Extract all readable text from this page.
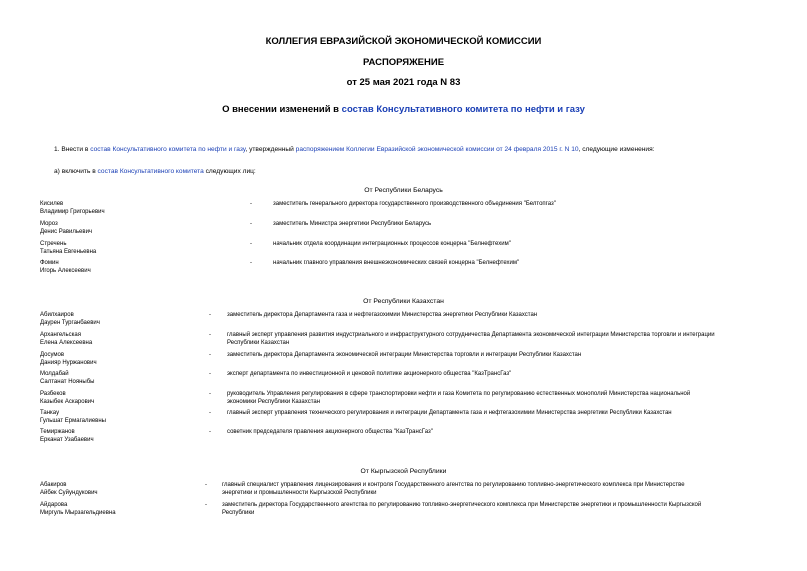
КОЛЛЕГИЯ ЕВРАЗИЙСКОЙ ЭКОНОМИЧЕСКОЙ КОМИССИИ
РАСПОРЯЖЕНИЕ
от 25 мая 2021 года N 83
О внесении изменений в состав Консультативного комитета по нефти и газу
1. Внести в состав Консультативного комитета по нефти и газу, утвержденный распоряжением Коллегии Евразийской экономической комиссии от 24 февраля 2015 г. N 10, следующие изменения:
а) включить в состав Консультативного комитета следующих лиц:
От Республики Беларусь
Кисилев
Владимир Григорьевич
-	заместитель генерального директора государственного производственного объединения "Белтопгаз"
Мороз
Денис Равильевич
-	заместитель Министра энергетики Республики Беларусь
Стречень
Татьяна Евгеньевна
-	начальник отдела координации интеграционных процессов концерна "Белнефтехим"
Фомин
Игорь Алексеевич
-	начальник главного управления внешнеэкономических связей концерна "Белнефтехим"
От Республики Казахстан
Абилхаиров
Даурен Турганбаевич
-	заместитель директора Департамента газа и нефтегазохимии Министерства энергетики Республики Казахстан
Архангельская
Елена Алексеевна
-	главный эксперт управления развития индустриального и инфраструктурного сотрудничества Департамента экономической интеграции Министерства торговли и интеграции
Республики Казахстан
Досумов
Данияр Нуржанович
-	заместитель директора Департамента экономической интеграции Министерства торговли и интеграции Республики Казахстан
Молдабай
Салтанат Нояныбы
-	эксперт департамента по инвестиционной и ценовой политике акционерного общества "КазТрансГаз"
Разбеков
Казыбек Аскарович
-	руководитель Управления регулирования в сфере транспортировки нефти и газа Комитета по регулированию естественных монополий Министерства национальной
экономики Республики Казахстан
Танкау
Гульшат Ермагалиевны
-	главный эксперт управления технического регулирования и интеграции Департамента газа и нефтегазохимии Министерства энергетики Республики Казахстан
Темиржанов
Ерканат Узабаевич
-	советник председателя правления акционерного общества "КазТрансГаз"
От Кыргызской Республики
Абакиров
Айбек Суйундукович
-	главный специалист управления лицензирования и контроля Государственного агентства по регулированию топливно-энергетического комплекса при Министерстве
энергетики и промышленности Кыргызской Республики
Айдарова
Миргуль Мырзагельдиевна
-	заместитель директора Государственного агентства по регулированию топливно-энергетического комплекса при Министерстве энергетики и промышленности Кыргызской
Республики
